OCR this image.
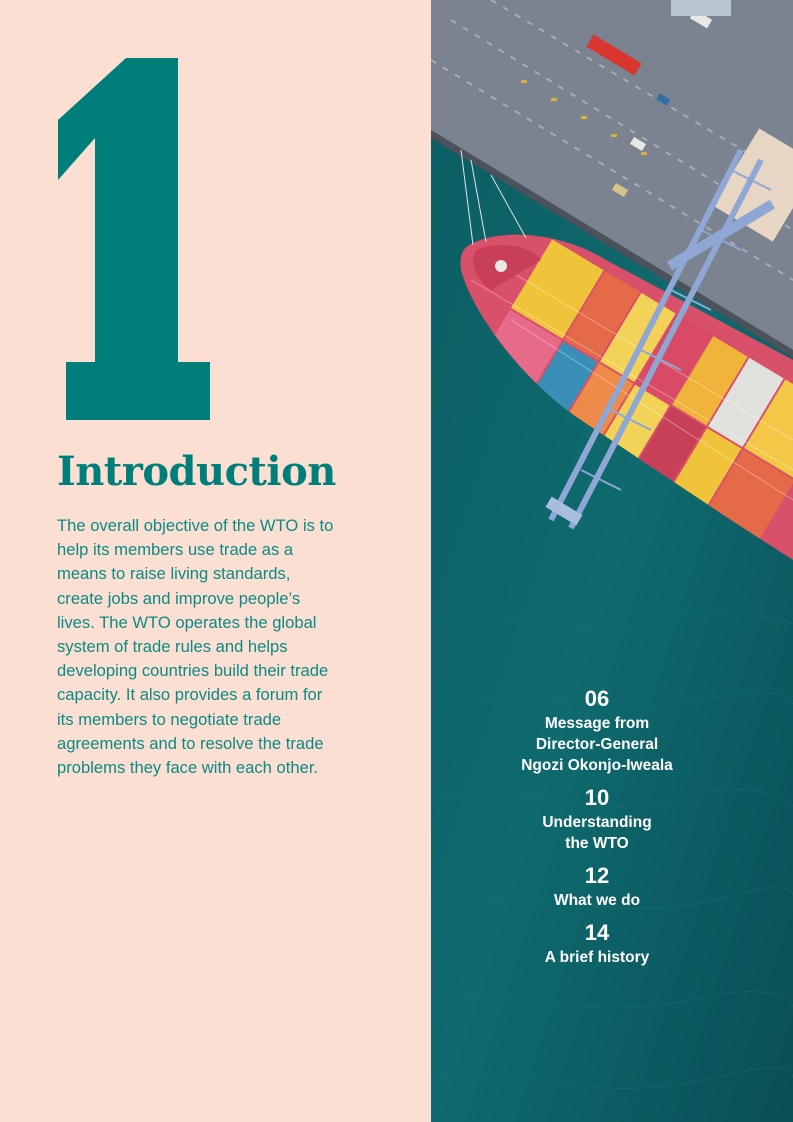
Introduction

The overall objective of the WTO is to help its members use trade as a means to raise living standards, create jobs and improve people’s lives. The WTO operates the global system of trade rules and helps developing countries build their trade capacity. It also provides a forum for its members to negotiate trade agreements and to resolve the trade problems they face with each other.

06
Message from
Director-General
Ngozi Okonjo-Iweala
10
Understanding
the WTO
12
What we do
14
A brief history
